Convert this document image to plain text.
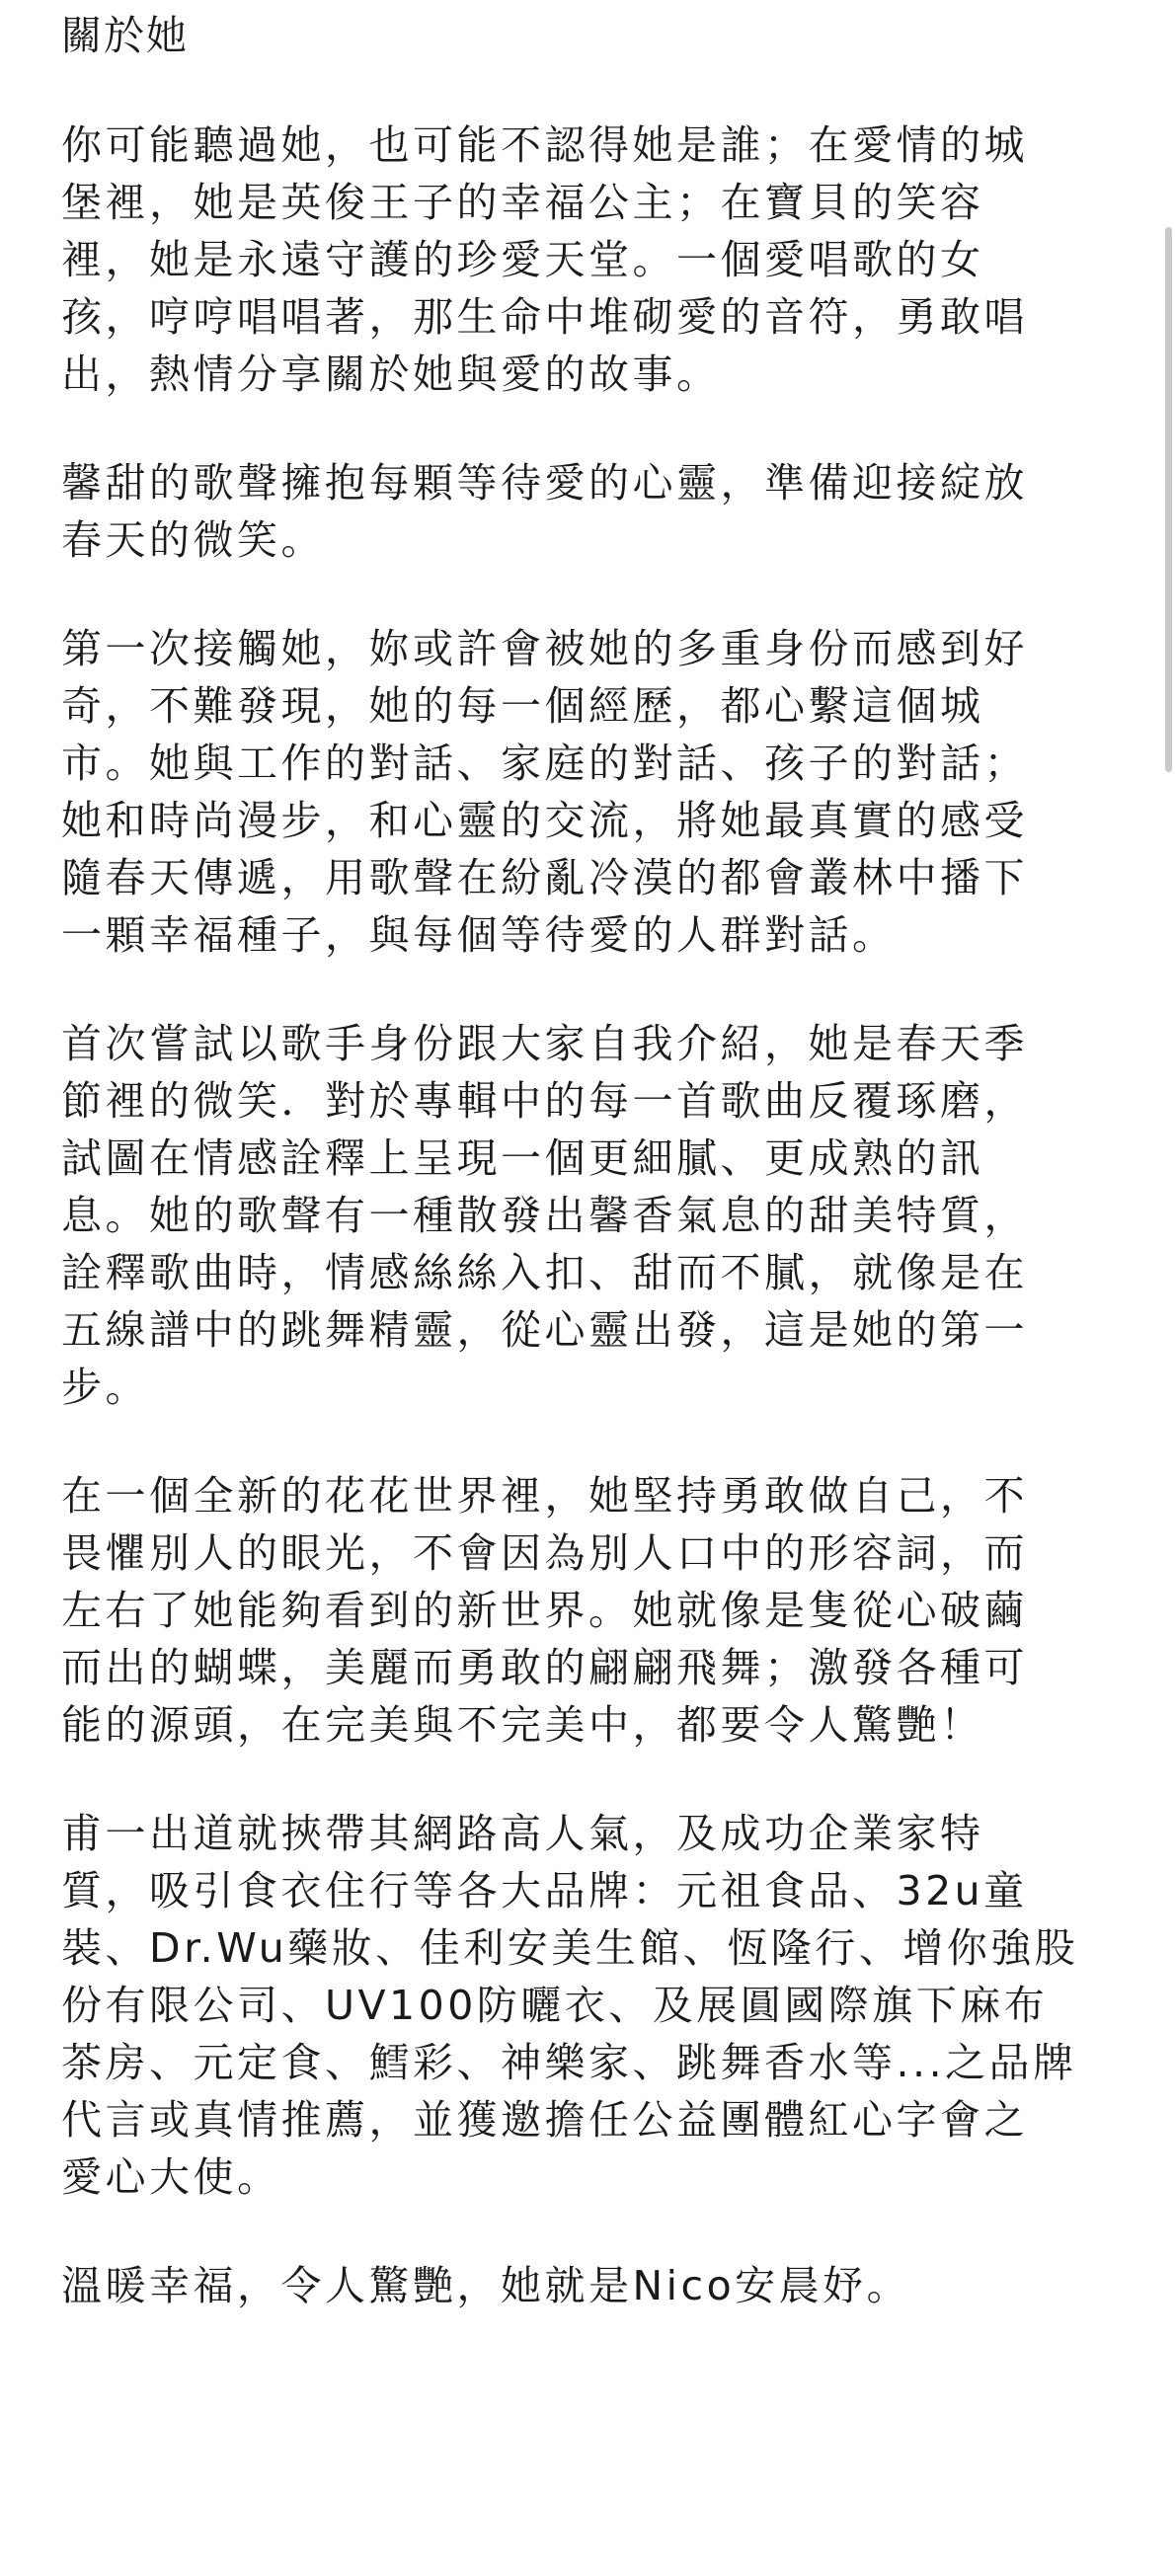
關於她

你可能聽過她，也可能不認得她是誰；在愛情的城
堡裡，她是英俊王子的幸福公主；在寶貝的笑容
裡，她是永遠守護的珍愛天堂。一個愛唱歌的女
孩，哼哼唱唱著，那生命中堆砌愛的音符，勇敢唱
出，熱情分享關於她與愛的故事。

馨甜的歌聲擁抱每顆等待愛的心靈，準備迎接綻放
春天的微笑。

第一次接觸她，妳或許會被她的多重身份而感到好
奇，不難發現，她的每一個經歷，都心繫這個城
市。她與工作的對話、家庭的對話、孩子的對話；
她和時尚漫步，和心靈的交流，將她最真實的感受
隨春天傳遞，用歌聲在紛亂冷漠的都會叢林中播下
一顆幸福種子，與每個等待愛的人群對話。

首次嘗試以歌手身份跟大家自我介紹，她是春天季
節裡的微笑．對於專輯中的每一首歌曲反覆琢磨，
試圖在情感詮釋上呈現一個更細膩、更成熟的訊
息。她的歌聲有一種散發出馨香氣息的甜美特質，
詮釋歌曲時，情感絲絲入扣、甜而不膩，就像是在
五線譜中的跳舞精靈，從心靈出發，這是她的第一
步。

在一個全新的花花世界裡，她堅持勇敢做自己，不
畏懼別人的眼光，不會因為別人口中的形容詞，而
左右了她能夠看到的新世界。她就像是隻從心破繭
而出的蝴蝶，美麗而勇敢的翩翩飛舞；激發各種可
能的源頭，在完美與不完美中，都要令人驚艷！

甫一出道就挾帶其網路高人氣，及成功企業家特
質，吸引食衣住行等各大品牌：元祖食品、32u童
裝、Dr.Wu藥妝、佳利安美生館、恆隆行、增你強股
份有限公司、UV100防曬衣、及展圓國際旗下麻布
茶房、元定食、鱈彩、神樂家、跳舞香水等...之品牌
代言或真情推薦，並獲邀擔任公益團體紅心字會之
愛心大使。

溫暖幸福，令人驚艷，她就是Nico安晨妤。
